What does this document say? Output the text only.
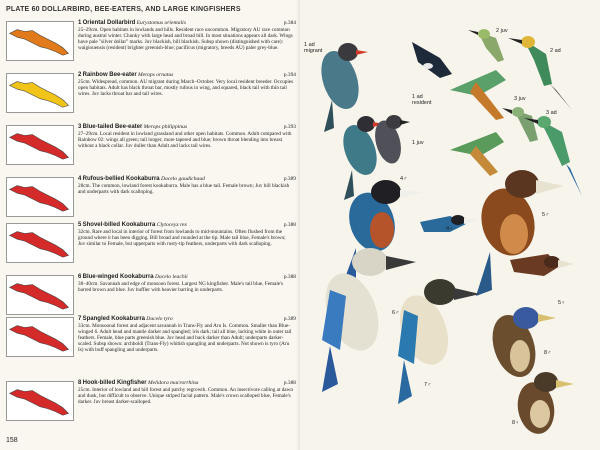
PLATE 60 DOLLARBIRD, BEE-EATERS, AND LARGE KINGFISHERS
1 Oriental Dollarbird Eurystomus orientalis
25–29cm. Open habitats in lowlands and hills. Resident race uncommon. Migratory AU race common during austral winter. Chunky with large head and broad bill. In most situations appears all dark. Wings have pale "silver dollar" marks. Juv blackish, bill blackish. Subsp shown (distinguished with care): waigiouensis (resident) brighter greenish-blue; pacificus (migratory, breeds AU) paler grey-blue.
p.384
2 Rainbow Bee-eater Merops ornatus
25cm. Widespread, common. AU migrant during March–October. Very local resident breeder. Occupies open habitats. Adult has black throat bar, mostly rufous in wing, and squared, black tail with thin tail wires. Juv lacks throat bar and tail wires.
p.394
3 Blue-tailed Bee-eater Merops philippinus
27–29cm. Local resident in lowland grassland and other open habitats. Common. Adult compared with Rainbow 02: wings all green; tail longer, more tapered and blue; brown throat blending into breast without a black collar. Juv duller than Adult and lacks tail wires.
p.393
4 Rufous-bellied Kookaburra Dacelo gaudichaud
28cm. The common, lowland forest kookaburra. Male has a blue tail. Female brown; Juv bill blackish and underparts with dark scalloping.
p.389
5 Shovel-billed Kookaburra Clytoceyx rex
32cm. Rare and local in interior of forest from lowlands to mid-mountains. Often flushed from the ground where it has been digging. Bill broad and rounded at the tip. Male tail blue, Female's brown; Juv similar to Female, but upperparts with rusty-tip feathers, underparts with dark scalloping.
p.388
6 Blue-winged Kookaburra Dacelo leachii
38–40cm. Savannah and edge of monsoon forest. Largest NG kingfisher. Male's tail blue, Female's barred brown and blue. Juv buffier with heavier barring in underparts.
p.388
7 Spangled Kookaburra Dacelo tyro
33cm. Monsoonal forest and adjacent savannah in Trans-Fly and Aru Is. Common. Smaller than Blue-winged 6. Adult head and mantle darker and spangled; iris dark; tail all blue, lacking white in outer tail feathers. Female, blue parts greenish blue. Juv head and back darker than Adult; underparts darker-scaled. Subsp shown: archboldi (Trans-Fly) whitish spangling and underparts. Not shown is tyro (Aru Is) with buff spangling and underparts.
p.389
8 Hook-billed Kingfisher Melidora macrorrhina
25cm. Interior of lowland and hill forest and patchy regrowth. Common. An insectivore calling at dawn and dusk, but difficult to observe. Unique striped facial pattern. Male's crown scalloped blue, Female's darker. Juv breast darker-scalloped.
p.388
158
1 ad migrant
1 ad resident
1 juv
2 ad
2 juv
3 juv
3 ad
4♂
4♀
5♂
5♀
6♂
7♂
8♂
8♀
